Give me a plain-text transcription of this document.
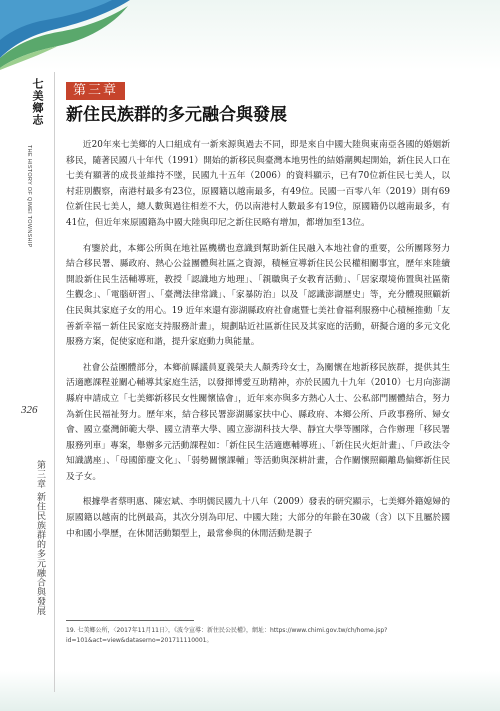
七美鄉志
THE HISTORY OF QIMEI TOWNSHIP
326
第三章 新住民族群的多元融合與發展
第三章
新住民族群的多元融合與發展

近20年來七美鄉的人口組成有一新來源與過去不同，即是來自中國大陸與東南亞各國的婚姻新移民，隨著民國八十年代（1991）開始的新移民與臺灣本地男性的結婚潮興起開始，新住民人口在七美有顯著的成長並維持不墜，民國九十五年（2006）的資料顯示，已有70位新住民七美人，以村莊別觀察，南港村最多有23位，原國籍以越南最多，有49位。民國一百零八年（2019）則有69位新住民七美人，總人數與過往相差不大，仍以南港村人數最多有19位，原國籍仍以越南最多，有41位，但近年來原國籍為中國大陸與印尼之新住民略有增加，都增加至13位。

有鑒於此，本鄉公所與在地社區機構也意識到幫助新住民融入本地社會的重要，公所團隊努力結合移民署、縣政府、熱心公益團體與社區之資源，積極宣導新住民公民權相關事宜，歷年來陸續開設新住民生活輔導班，教授「認識地方地理」、「親職與子女教育活動」、「居家環境佈置與社區衛生觀念」、「電腦研習」、「臺灣法律常識」、「家暴防治」以及「認識澎湖歷史」等，充分體現照顧新住民與其家庭子女的用心。19 近年來還有澎湖縣政府社會處暨七美社會福利服務中心積極推動「友善新幸福－新住民家庭支持服務計畫」，規劃貼近社區新住民及其家庭的活動，研擬合適的多元文化服務方案，促使家庭和諧，提升家庭動力與能量。

社會公益團體部分，本鄉前縣議員夏義榮夫人顏秀玲女士，為關懷在地新移民族群，提供其生活適應課程並關心輔導其家庭生活，以發揮博愛互助精神，亦於民國九十九年（2010）七月向澎湖縣府申請成立「七美鄉新移民女性關懷協會」，近年來亦與多方熱心人士、公私部門團體結合，努力為新住民福祉努力。歷年來，結合移民署澎湖縣家扶中心、縣政府、本鄉公所、戶政事務所、婦女會、國立臺灣師範大學、國立清華大學、國立澎湖科技大學、靜宜大學等團隊，合作辦理「移民署服務列車」專案，舉辦多元活動課程如：「新住民生活適應輔導班」、「新住民火炬計畫」、「戶政法令知識講座」、「母國節慶文化」、「弱勢關懷課輔」等活動與深耕計畫，合作關懷照顧離島偏鄉新住民及子女。

根據學者蔡明惠、陳宏斌、李明儒民國九十八年（2009）發表的研究顯示，七美鄉外籍媳婦的原國籍以越南的比例最高，其次分別為印尼、中國大陸；大部分的年齡在30歲（含）以下且屬於國中和國小學歷，在休閒活動類型上，最常參與的休閒活動是親子

19. 七美鄉公所，〈2017年11月11日〉，《波令宣導：新住民公民權》，網址：https://www.chimi.gov.tw/ch/home.jsp?id=101&act=view&dataserno=201711110001。
